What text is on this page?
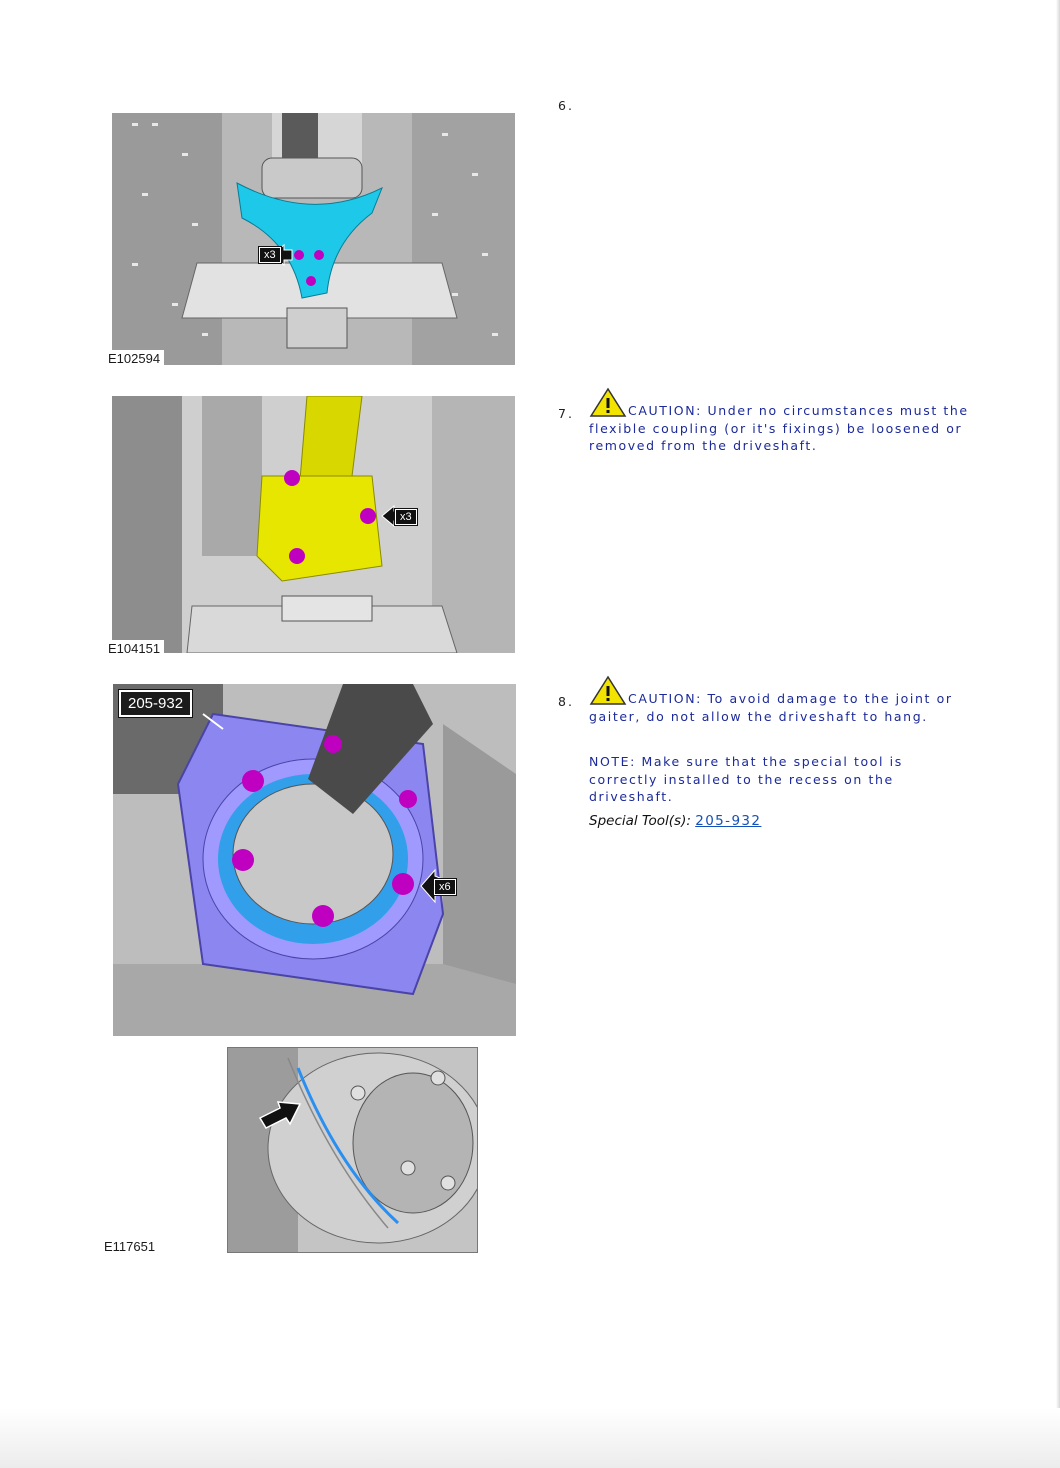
x3
E102594
x3
E104151
205-932
x6
E117651
6.
7.	CAUTION: Under no circumstances must the flexible coupling (or it's fixings) be loosened or removed from the driveshaft.
8.	CAUTION: To avoid damage to the joint or gaiter, do not allow the driveshaft to hang.
NOTE: Make sure that the special tool is correctly installed to the recess on the driveshaft.
Special Tool(s): 205-932
